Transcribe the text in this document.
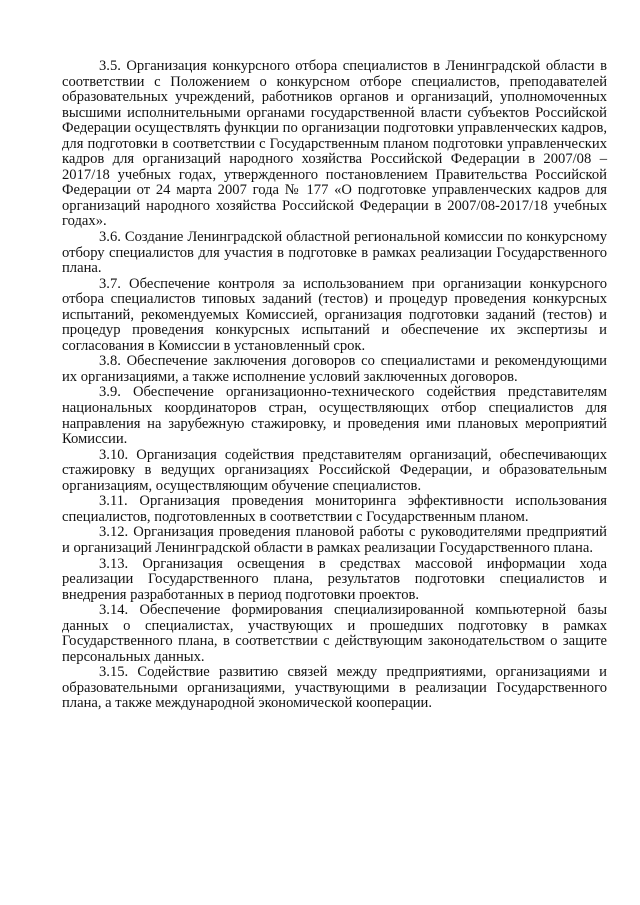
3.5. Организация конкурсного отбора специалистов в Ленинградской области в соответствии с Положением о конкурсном отборе специалистов, преподавателей образовательных учреждений, работников органов и организаций, уполномоченных высшими исполнительными органами государственной власти субъектов Российской Федерации осуществлять функции по организации подготовки управленческих кадров, для подготовки в соответствии с Государственным планом подготовки управленческих кадров для организаций народного хозяйства Российской Федерации в 2007/08 – 2017/18 учебных годах, утвержденного постановлением Правительства Российской Федерации от 24 марта 2007 года № 177 «О подготовке управленческих кадров для организаций народного хозяйства Российской Федерации в 2007/08-2017/18 учебных годах».

3.6. Создание Ленинградской областной региональной комиссии по конкурсному отбору специалистов для участия в подготовке в рамках реализации Государственного плана.

3.7. Обеспечение контроля за использованием при организации конкурсного отбора специалистов типовых заданий (тестов) и процедур проведения конкурсных испытаний, рекомендуемых Комиссией, организация подготовки заданий (тестов) и процедур проведения конкурсных испытаний и обеспечение их экспертизы и согласования в Комиссии в установленный срок.

3.8. Обеспечение заключения договоров со специалистами и рекомендующими их организациями, а также исполнение условий заключенных договоров.

3.9. Обеспечение организационно-технического содействия представителям национальных координаторов стран, осуществляющих отбор специалистов для направления на зарубежную стажировку, и проведения ими плановых мероприятий Комиссии.

3.10. Организация содействия представителям организаций, обеспечивающих стажировку в ведущих организациях Российской Федерации, и образовательным организациям, осуществляющим обучение специалистов.

3.11. Организация проведения мониторинга эффективности использования специалистов, подготовленных в соответствии с Государственным планом.

3.12. Организация проведения плановой работы с руководителями предприятий и организаций Ленинградской области в рамках реализации Государственного плана.

3.13. Организация освещения в средствах массовой информации хода реализации Государственного плана, результатов подготовки специалистов и внедрения разработанных в период подготовки проектов.

3.14. Обеспечение формирования специализированной компьютерной базы данных о специалистах, участвующих и прошедших подготовку в рамках Государственного плана, в соответствии с действующим законодательством о защите персональных данных.

3.15. Содействие развитию связей между предприятиями, организациями и образовательными организациями, участвующими в реализации Государственного плана, а также международной экономической кооперации.
